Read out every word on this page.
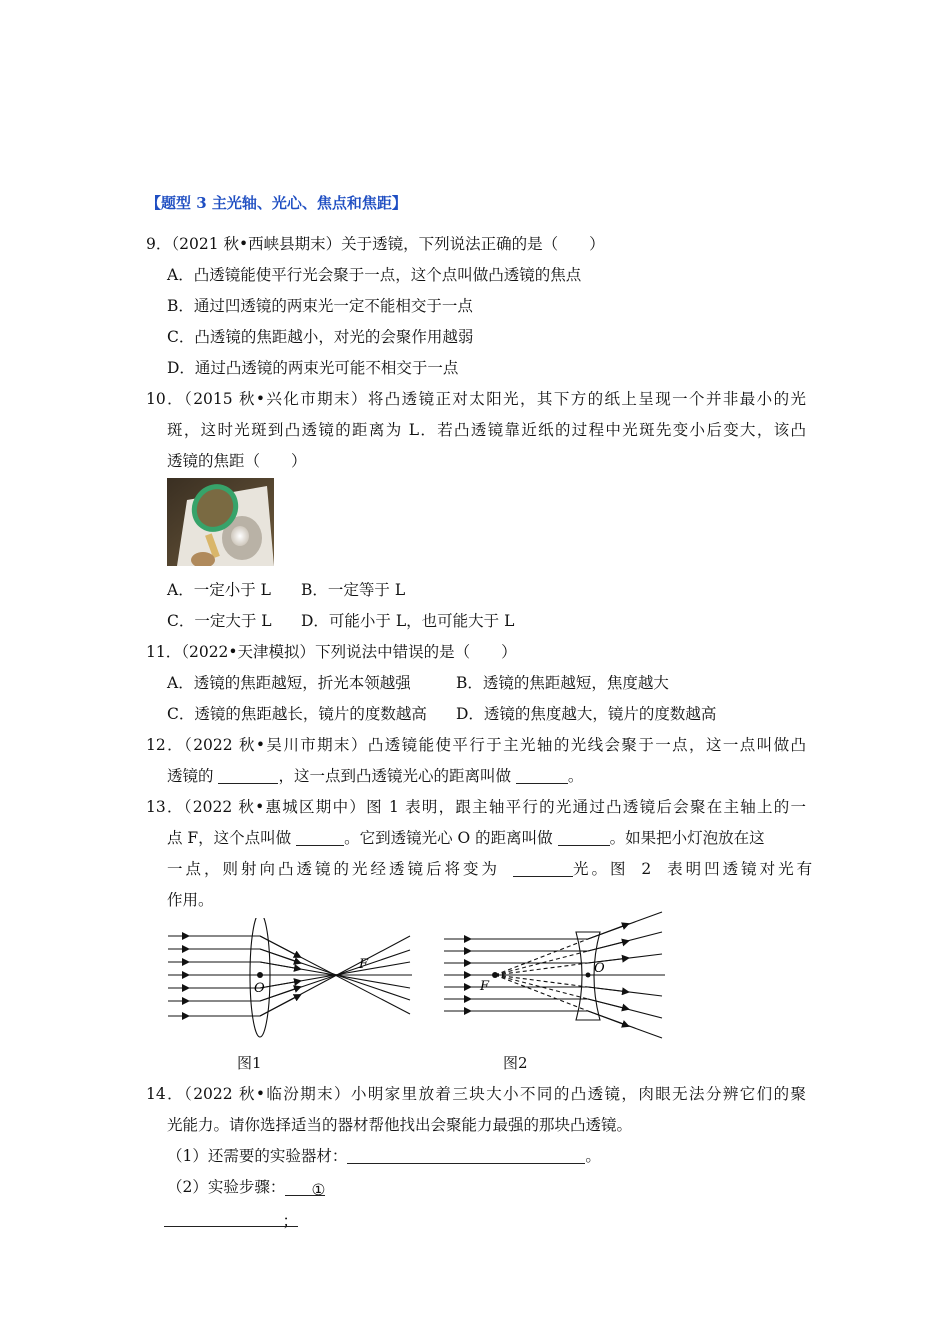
【题型 3 主光轴、光心、焦点和焦距】
9．（2021 秋•西峡县期末）关于透镜，下列说法正确的是（　　）
A．凸透镜能使平行光会聚于一点，这个点叫做凸透镜的焦点
B．通过凹透镜的两束光一定不能相交于一点
C．凸透镜的焦距越小，对光的会聚作用越弱
D．通过凸透镜的两束光可能不相交于一点
10．（2015 秋•兴化市期末）将凸透镜正对太阳光，其下方的纸上呈现一个并非最小的光
斑，这时光斑到凸透镜的距离为 L．若凸透镜靠近纸的过程中光斑先变小后变大，该凸
透镜的焦距（　　）
A．一定小于 L B．一定等于 L
C．一定大于 L D．可能小于 L，也可能大于 L
11．（2022•天津模拟）下列说法中错误的是（　　）
A．透镜的焦距越短，折光本领越强	B．透镜的焦距越短，焦度越大
C．透镜的焦距越长，镜片的度数越高 D．透镜的焦度越大，镜片的度数越高
12．（2022 秋•吴川市期末）凸透镜能使平行于主光轴的光线会聚于一点，这一点叫做凸
透镜的	，这一点到凸透镜光心的距离叫做	。
13．（2022 秋•惠城区期中）图 1 表明，跟主轴平行的光通过凸透镜后会聚在主轴上的一
点 F，这个点叫做	。它到透镜光心 O 的距离叫做	。如果把小灯泡放在这
一点，则射向凸透镜的光经透镜后将变为	光。图 2 表明凹透镜对光有
作用。
O
F
图1
F
O
图2
14．（2022 秋•临汾期末）小明家里放着三块大小不同的凸透镜，肉眼无法分辨它们的聚
光能力。请你选择适当的器材帮他找出会聚能力最强的那块凸透镜。
（1）还需要的实验器材：	。
（2）实验步骤： ①
；
